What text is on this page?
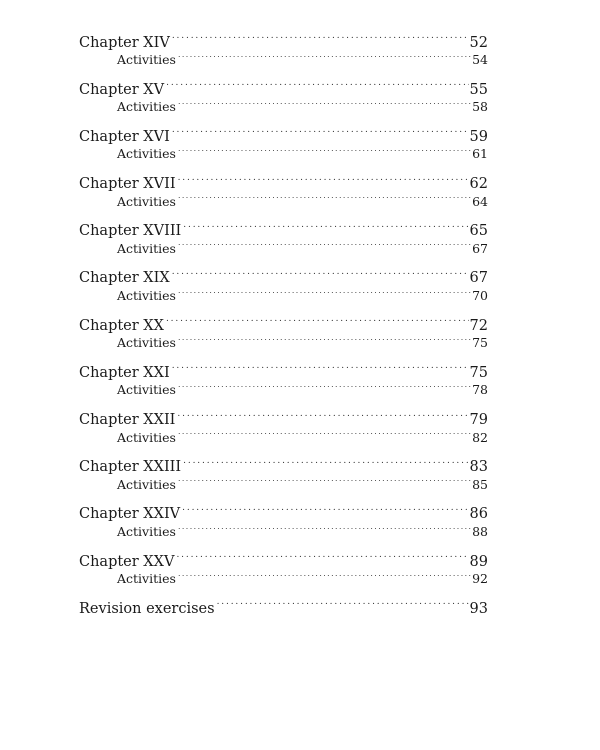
Chapter XIV . . .	52
Activities . . .	54
Chapter XV . . .	55
Activities . . .	58
Chapter XVI . . .	59
Activities . . .	61
Chapter XVII . . .	62
Activities . . .	64
Chapter XVIII . . .	65
Activities . . .	67
Chapter XIX . . .	67
Activities . . .	70
Chapter XX . . .	72
Activities . . .	75
Chapter XXI . . .	75
Activities . . .	78
Chapter XXII . . .	79
Activities . . .	82
Chapter XXIII . . .	83
Activities . . .	85
Chapter XXIV . . .	86
Activities . . .	88
Chapter XXV . . .	89
Activities . . .	92
Revision exercises . . .	93
